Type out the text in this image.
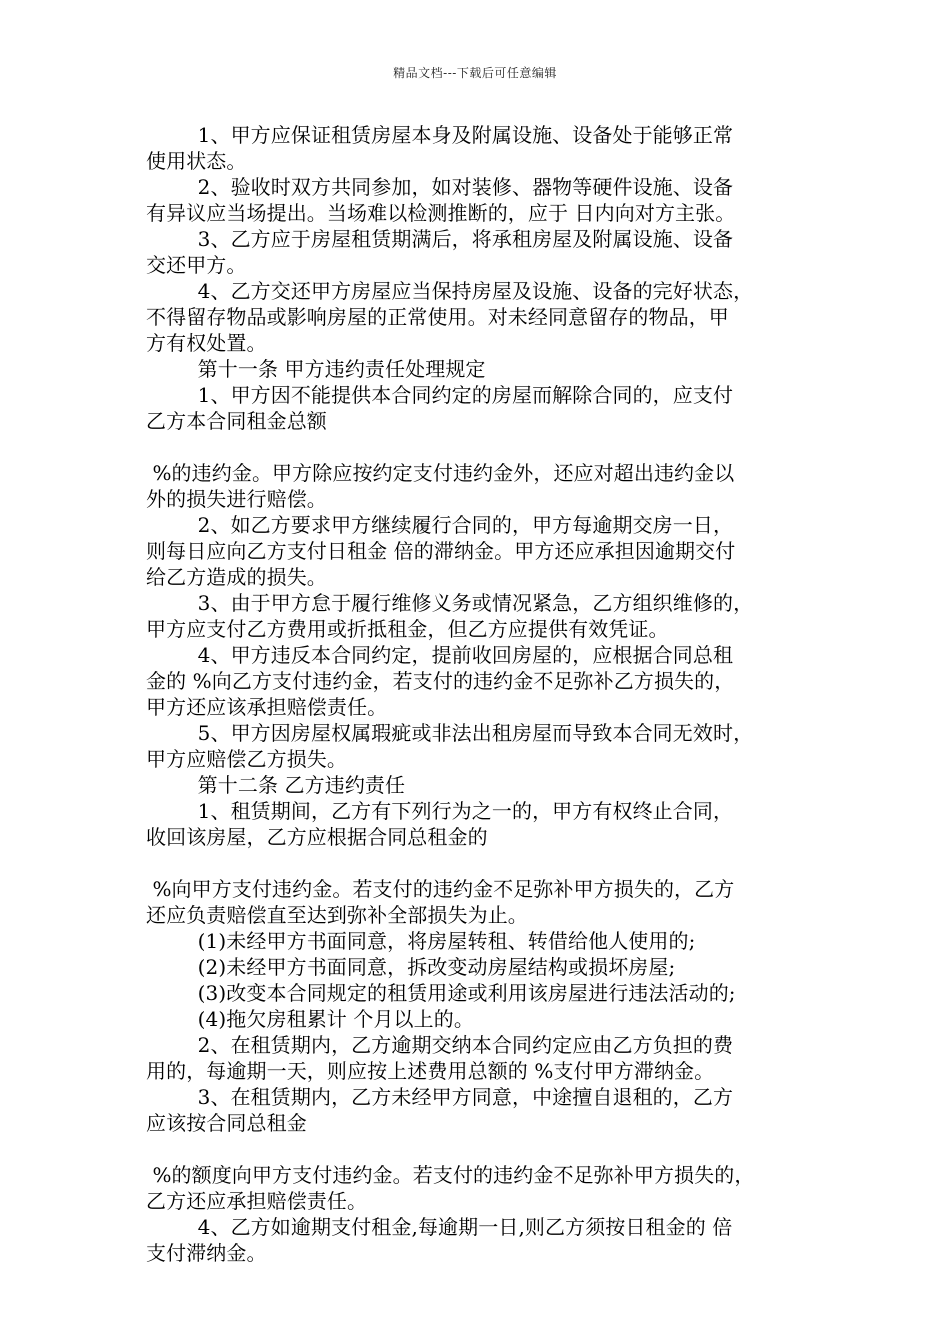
精品文档---下载后可任意编辑
1、甲方应保证租赁房屋本身及附属设施、设备处于能够正常
使用状态。
2、验收时双方共同参加，如对装修、器物等硬件设施、设备
有异议应当场提出。当场难以检测推断的，应于 日内向对方主张。
3、乙方应于房屋租赁期满后，将承租房屋及附属设施、设备
交还甲方。
4、乙方交还甲方房屋应当保持房屋及设施、设备的完好状态，
不得留存物品或影响房屋的正常使用。对未经同意留存的物品，甲
方有权处置。
第十一条 甲方违约责任处理规定
1、甲方因不能提供本合同约定的房屋而解除合同的，应支付
乙方本合同租金总额
%的违约金。甲方除应按约定支付违约金外，还应对超出违约金以
外的损失进行赔偿。
2、如乙方要求甲方继续履行合同的，甲方每逾期交房一日，
则每日应向乙方支付日租金 倍的滞纳金。甲方还应承担因逾期交付
给乙方造成的损失。
3、由于甲方怠于履行维修义务或情况紧急，乙方组织维修的，
甲方应支付乙方费用或折抵租金，但乙方应提供有效凭证。
4、甲方违反本合同约定，提前收回房屋的，应根据合同总租
金的 %向乙方支付违约金，若支付的违约金不足弥补乙方损失的，
甲方还应该承担赔偿责任。
5、甲方因房屋权属瑕疵或非法出租房屋而导致本合同无效时，
甲方应赔偿乙方损失。
第十二条 乙方违约责任
1、租赁期间，乙方有下列行为之一的，甲方有权终止合同，
收回该房屋，乙方应根据合同总租金的
%向甲方支付违约金。若支付的违约金不足弥补甲方损失的，乙方
还应负责赔偿直至达到弥补全部损失为止。
(1)未经甲方书面同意，将房屋转租、转借给他人使用的;
(2)未经甲方书面同意，拆改变动房屋结构或损坏房屋;
(3)改变本合同规定的租赁用途或利用该房屋进行违法活动的;
(4)拖欠房租累计 个月以上的。
2、在租赁期内，乙方逾期交纳本合同约定应由乙方负担的费
用的，每逾期一天，则应按上述费用总额的 %支付甲方滞纳金。
3、在租赁期内，乙方未经甲方同意，中途擅自退租的，乙方
应该按合同总租金
%的额度向甲方支付违约金。若支付的违约金不足弥补甲方损失的，
乙方还应承担赔偿责任。
4、乙方如逾期支付租金,每逾期一日,则乙方须按日租金的 倍
支付滞纳金。
